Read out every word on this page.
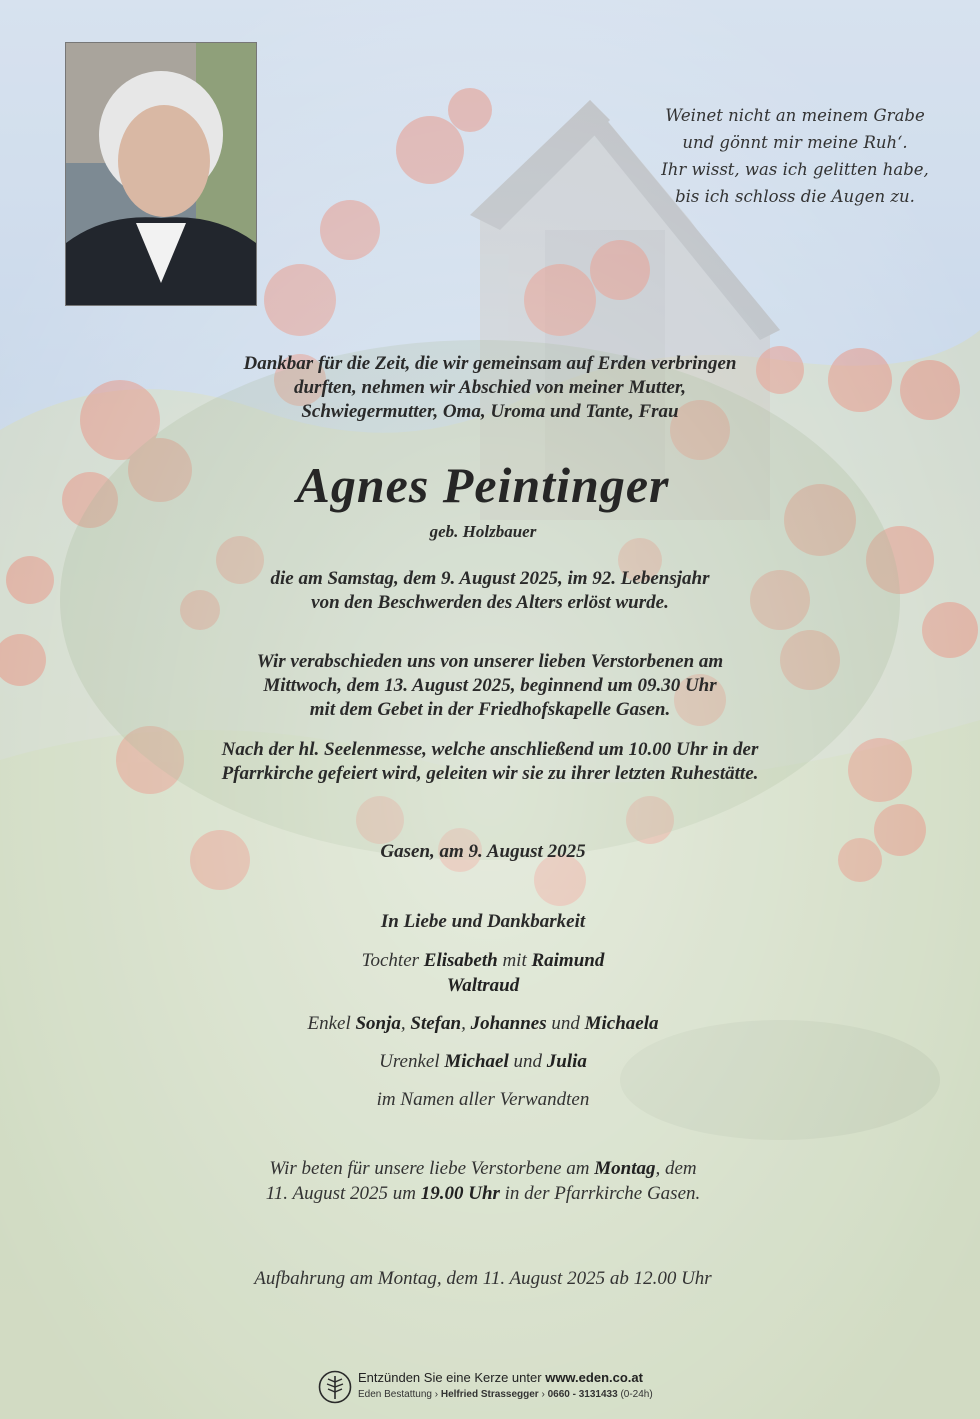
Weinet nicht an meinem Grabe
und gönnt mir meine Ruh‘.
Ihr wisst, was ich gelitten habe,
bis ich schloss die Augen zu.
Dankbar für die Zeit, die wir gemeinsam auf Erden verbringen
durften, nehmen wir Abschied von meiner Mutter,
Schwiegermutter, Oma, Uroma und Tante, Frau
Agnes Peintinger
geb. Holzbauer
die am Samstag, dem 9. August 2025, im 92. Lebensjahr
von den Beschwerden des Alters erlöst wurde.
Wir verabschieden uns von unserer lieben Verstorbenen am
Mittwoch, dem 13. August 2025, beginnend um 09.30 Uhr
mit dem Gebet in der Friedhofskapelle Gasen.
Nach der hl. Seelenmesse, welche anschließend um 10.00 Uhr in der
Pfarrkirche gefeiert wird, geleiten wir sie zu ihrer letzten Ruhestätte.
Gasen, am 9. August 2025
In Liebe und Dankbarkeit
Tochter Elisabeth mit Raimund
Waltraud
Enkel Sonja, Stefan, Johannes und Michaela
Urenkel Michael und Julia
im Namen aller Verwandten
Wir beten für unsere liebe Verstorbene am Montag, dem
11. August 2025 um 19.00 Uhr in der Pfarrkirche Gasen.
Aufbahrung am Montag, dem 11. August 2025 ab 12.00 Uhr
Entzünden Sie eine Kerze unter www.eden.co.at
Eden Bestattung › Helfried Strassegger › 0660 - 3131433 (0-24h)
